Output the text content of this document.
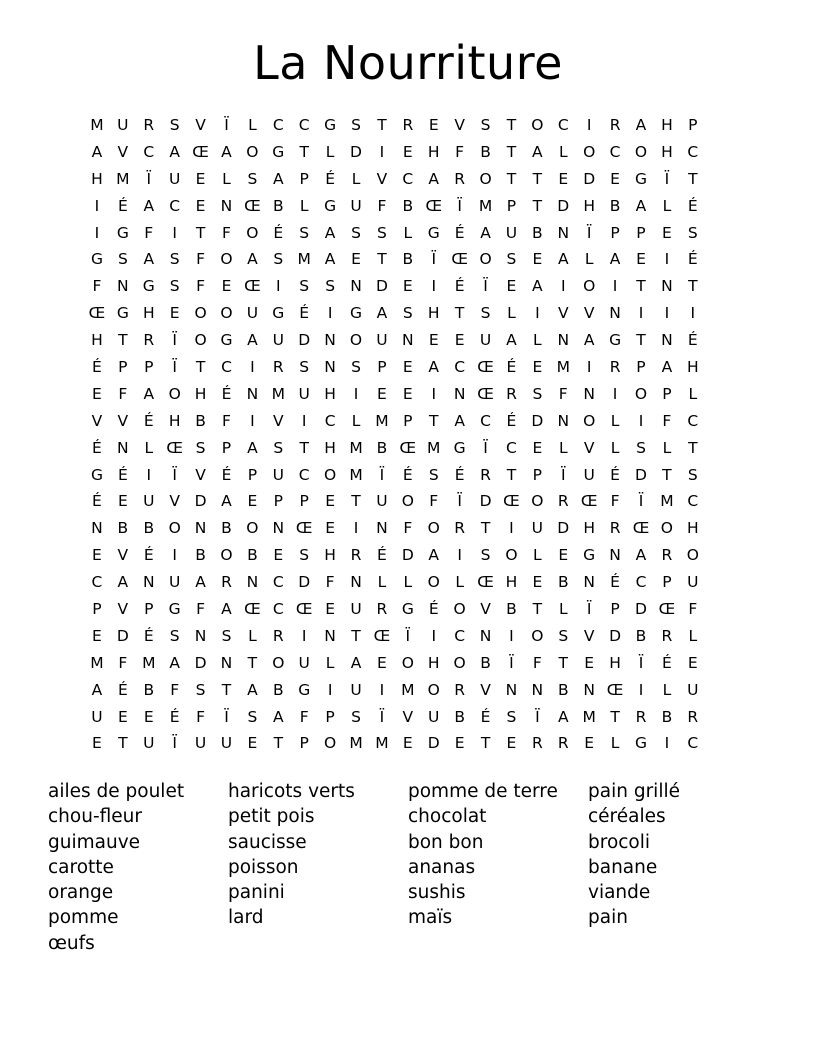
La Nourriture
M U R	S	V	Ï	L	C C G S	T	R	E	V	S	T O C	I	R A H P
A V C A Œ A O G T	L	D	I	E H	F	B	T	A	L O C O H C
H M	Ï	U E	L	S	A	P	É	L	V C A R O T	T	E D E G	Ï	T
I	É	A C	E N Œ B	L	G U	F	B Œ Ï	M P	T D H B A	L	É
I	G F	I	T	F O É	S	A	S	S	L	G É	A U B N	Ï	P	P	E	S
G S	A	S	F O A	S M A	E	T	B	Ï Œ O S	E	A	L	A	E	I	É
F	N G S	F	E Œ I	S	S N D E	I	É	Ï	E	A	I	O	I	T N T
Œ G H E O O U G É	I	G A	S H T	S	L	I	V V N	I	I	I
H T	R	Ï	O G A U D N O U N E	E U A	L	N A G T N É
É	P	P	Ï	T	C	I	R	S N S	P	E	A C Œ É	E M	I	R	P	A H
E	F	A O H É N M U H	I	E	E	I	N Œ R	S	F	N	I	O P	L
V V	É H B	F	I	V	I	C	L M P	T	A C	É D N O L	I	F	C
É N	L Œ S	P	A	S	T H M B Œ M G	Ï	C	E	L	V	L	S	L	T
G É	I	Ï	V	É	P	U C O M	Ï	É	S	É	R	T	P	Ï	U É D T	S
É	E U V D A	E	P	P	E	T U O F	Ï	D Œ O R Œ F	Ï	M C
N B B O N B O N Œ E	I	N	F O R	T	I	U D H R Œ O H
E	V	É	I	B O B	E	S H R	É D A	I	S O L	E G N A R O
C A N U A R N C D F	N	L	L O L Œ H E	B N É	C	P	U
P	V	P G F	A Œ C Œ E U R G É O V B	T	L	Ï	P D Œ F
E D É	S N S	L	R	I	N T Œ Ï	I	C N	I	O S	V D B R	L
M F M A D N T O U	L	A	E O H O B	Ï	F	T	E H	Ï	É	E
A	É	B	F	S	T	A B G	I	U	I	M O R V N N B N Œ I	L	U
U E	E	É	F	Ï	S	A	F	P	S	Ï	V U B	É	S	Ï	A M T	R B R
E	T U	Ï	U U E	T	P O M M E D E	T	E	R R	E	L	G	I	C
ailes de poulet
chou-fleur
guimauve
carotte
orange
pomme
œufs
haricots verts
petit pois
saucisse
poisson
panini
lard
pomme de terre
chocolat
bon bon
ananas
sushis
maïs
pain grillé
céréales
brocoli
banane
viande
pain
